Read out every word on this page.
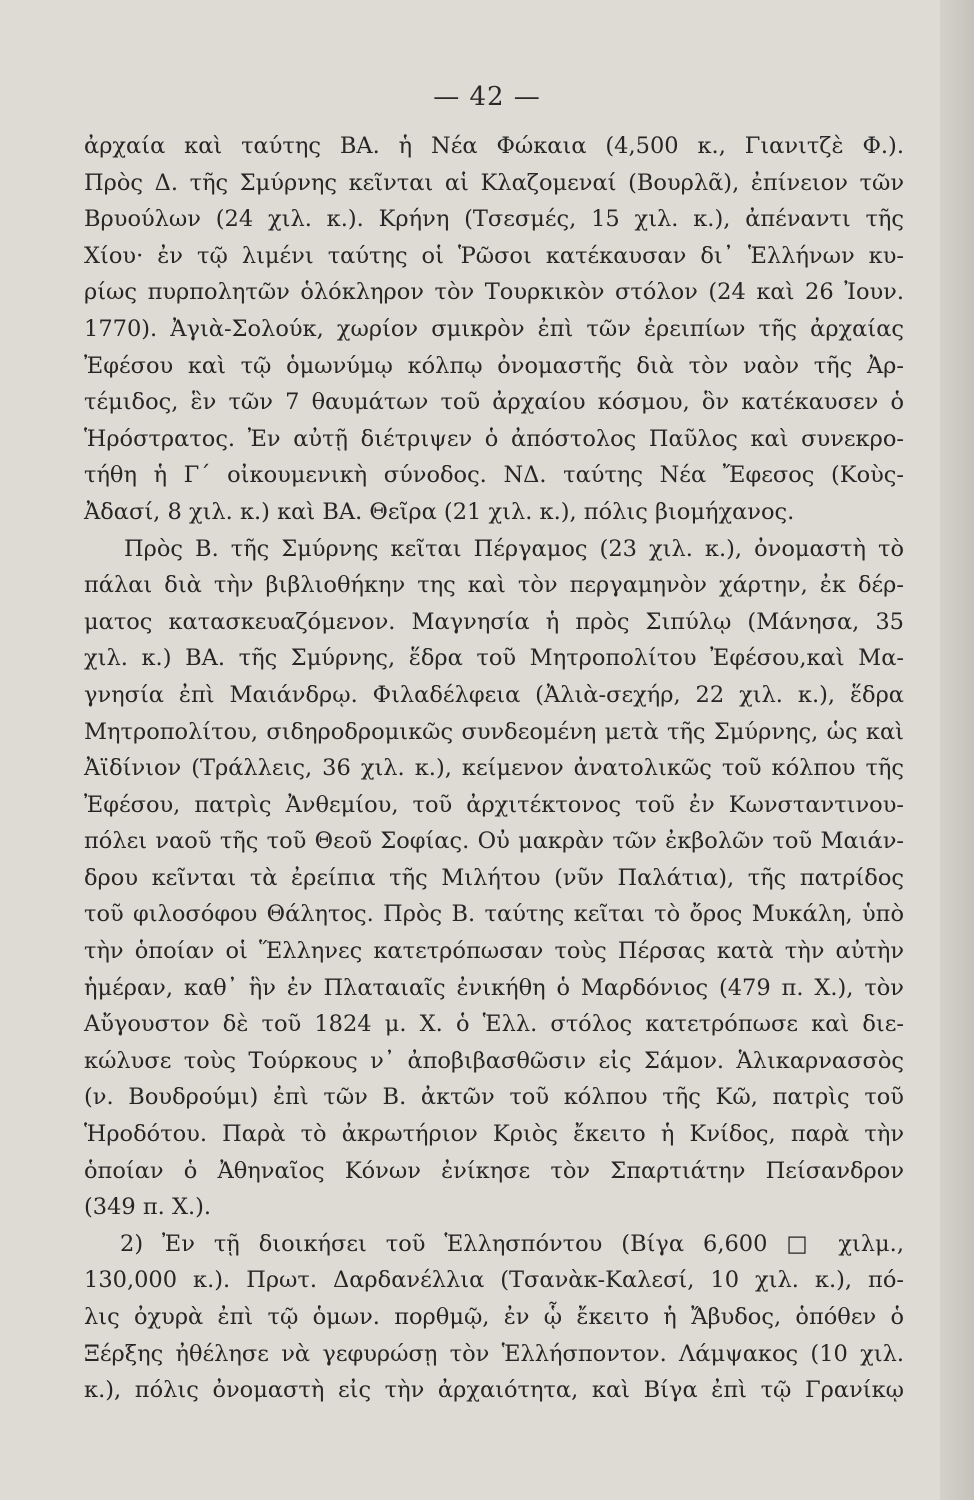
— 42 —
ἀρχαία καὶ ταύτης ΒΑ. ἡ Νέα Φώκαια (4,500 κ., Γιανιτζὲ Φ.).
Πρὸς Δ. τῆς Σμύρνης κεῖνται αἱ Κλαζομεναί (Βουρλᾶ), ἐπίνειον τῶν
Βρυούλων (24 χιλ. κ.). Κρήνη (Τσεσμές, 15 χιλ. κ.), ἀπέναντι τῆς
Χίου· ἐν τῷ λιμένι ταύτης οἱ Ῥῶσοι κατέκαυσαν δι᾽ Ἑλλήνων κυ-
ρίως πυρπολητῶν ὁλόκληρον τὸν Τουρκικὸν στόλον (24 καὶ 26 Ἰουν.
1770). Ἀγιὰ-Σολούκ, χωρίον σμικρὸν ἐπὶ τῶν ἐρειπίων τῆς ἀρχαίας
Ἐφέσου καὶ τῷ ὁμωνύμῳ κόλπῳ ὀνομαστῆς διὰ τὸν ναὸν τῆς Ἀρ-
τέμιδος, ἓν τῶν 7 θαυμάτων τοῦ ἀρχαίου κόσμου, ὃν κατέκαυσεν ὁ
Ἡρόστρατος. Ἐν αὐτῇ διέτριψεν ὁ ἀπόστολος Παῦλος καὶ συνεκρο-
τήθη ἡ Γ´ οἰκουμενικὴ σύνοδος. ΝΔ. ταύτης Νέα Ἔφεσος (Κοὺς-
Ἀδασί, 8 χιλ. κ.) καὶ ΒΑ. Θεῖρα (21 χιλ. κ.), πόλις βιομήχανος.
Πρὸς Β. τῆς Σμύρνης κεῖται Πέργαμος (23 χιλ. κ.), ὀνομαστὴ τὸ
πάλαι διὰ τὴν βιβλιοθήκην της καὶ τὸν περγαμηνὸν χάρτην, ἐκ δέρ-
ματος κατασκευαζόμενον. Μαγνησία ἡ πρὸς Σιπύλῳ (Μάνησα, 35
χιλ. κ.) ΒΑ. τῆς Σμύρνης, ἕδρα τοῦ Μητροπολίτου Ἐφέσου,καὶ Μα-
γνησία ἐπὶ Μαιάνδρῳ. Φιλαδέλφεια (Ἀλιὰ-σεχήρ, 22 χιλ. κ.), ἕδρα
Μητροπολίτου, σιδηροδρομικῶς συνδεομένη μετὰ τῆς Σμύρνης, ὡς καὶ
Ἀϊδίνιον (Τράλλεις, 36 χιλ. κ.), κείμενον ἀνατολικῶς τοῦ κόλπου τῆς
Ἐφέσου, πατρὶς Ἀνθεμίου, τοῦ ἀρχιτέκτονος τοῦ ἐν Κωνσταντινου-
πόλει ναοῦ τῆς τοῦ Θεοῦ Σοφίας. Οὐ μακρὰν τῶν ἐκβολῶν τοῦ Μαιάν-
δρου κεῖνται τὰ ἐρείπια τῆς Μιλήτου (νῦν Παλάτια), τῆς πατρίδος
τοῦ φιλοσόφου Θάλητος. Πρὸς Β. ταύτης κεῖται τὸ ὄρος Μυκάλη, ὑπὸ
τὴν ὁποίαν οἱ Ἕλληνες κατετρόπωσαν τοὺς Πέρσας κατὰ τὴν αὐτὴν
ἡμέραν, καθ᾽ ἣν ἐν Πλαταιαῖς ἐνικήθη ὁ Μαρδόνιος (479 π. Χ.), τὸν
Αὔγουστον δὲ τοῦ 1824 μ. Χ. ὁ Ἑλλ. στόλος κατετρόπωσε καὶ διε-
κώλυσε τοὺς Τούρκους ν᾽ ἀποβιβασθῶσιν εἰς Σάμον. Ἁλικαρνασσὸς
(ν. Βουδρούμι) ἐπὶ τῶν Β. ἀκτῶν τοῦ κόλπου τῆς Κῶ, πατρὶς τοῦ
Ἡροδότου. Παρὰ τὸ ἀκρωτήριον Κριὸς ἔκειτο ἡ Κνίδος, παρὰ τὴν
ὁποίαν ὁ Ἀθηναῖος Κόνων ἐνίκησε τὸν Σπαρτιάτην Πείσανδρον
(349 π. Χ.).
2) Ἐν τῇ διοικήσει τοῦ Ἑλλησπόντου (Βίγα 6,600 □ χιλμ.,
130,000 κ.). Πρωτ. Δαρδανέλλια (Τσανὰκ-Καλεσί, 10 χιλ. κ.), πό-
λις ὀχυρὰ ἐπὶ τῷ ὁμων. πορθμῷ, ἐν ᾧ ἔκειτο ἡ Ἄβυδος, ὁπόθεν ὁ
Ξέρξης ἠθέλησε νὰ γεφυρώσῃ τὸν Ἑλλήσποντον. Λάμψακος (10 χιλ.
κ.), πόλις ὀνομαστὴ εἰς τὴν ἀρχαιότητα, καὶ Βίγα ἐπὶ τῷ Γρανίκῳ
